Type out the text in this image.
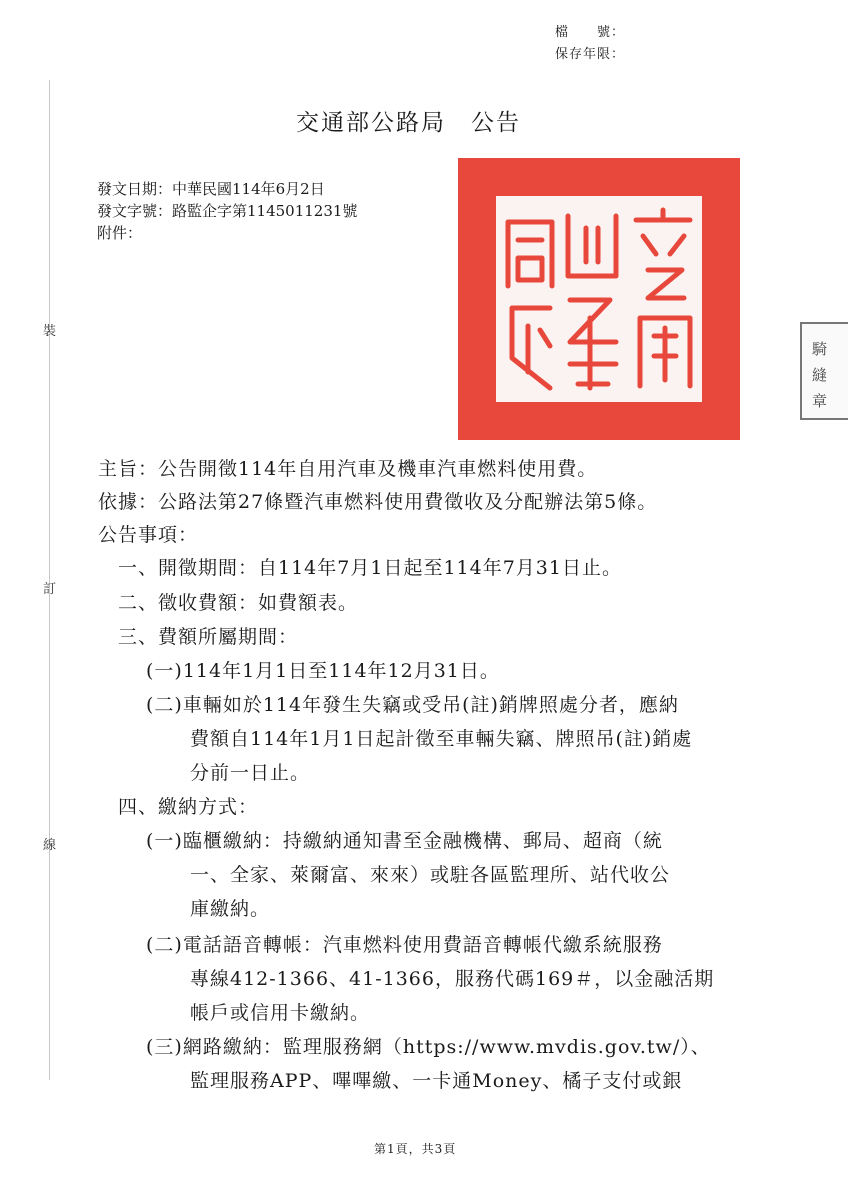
檔　　號：
保存年限：
裝
訂
線
交通部公路局　公告
發文日期：中華民國114年6月2日
發文字號：路監企字第1145011231號
附件：
騎
縫
章
主旨：公告開徵114年自用汽車及機車汽車燃料使用費。
依據：公路法第27條暨汽車燃料使用費徵收及分配辦法第5條。
公告事項：
一、開徵期間：自114年7月1日起至114年7月31日止。
二、徵收費額：如費額表。
三、費額所屬期間：
(一)114年1月1日至114年12月31日。
(二)車輛如於114年發生失竊或受吊(註)銷牌照處分者，應納
費額自114年1月1日起計徵至車輛失竊、牌照吊(註)銷處
分前一日止。
四、繳納方式：
(一)臨櫃繳納：持繳納通知書至金融機構、郵局、超商（統
一、全家、萊爾富、來來）或駐各區監理所、站代收公
庫繳納。
(二)電話語音轉帳：汽車燃料使用費語音轉帳代繳系統服務
專線412-1366、41-1366，服務代碼169＃，以金融活期
帳戶或信用卡繳納。
(三)網路繳納：監理服務網（https://www.mvdis.gov.tw/）、
監理服務APP、嗶嗶繳、一卡通Money、橘子支付或銀
第1頁，共3頁
